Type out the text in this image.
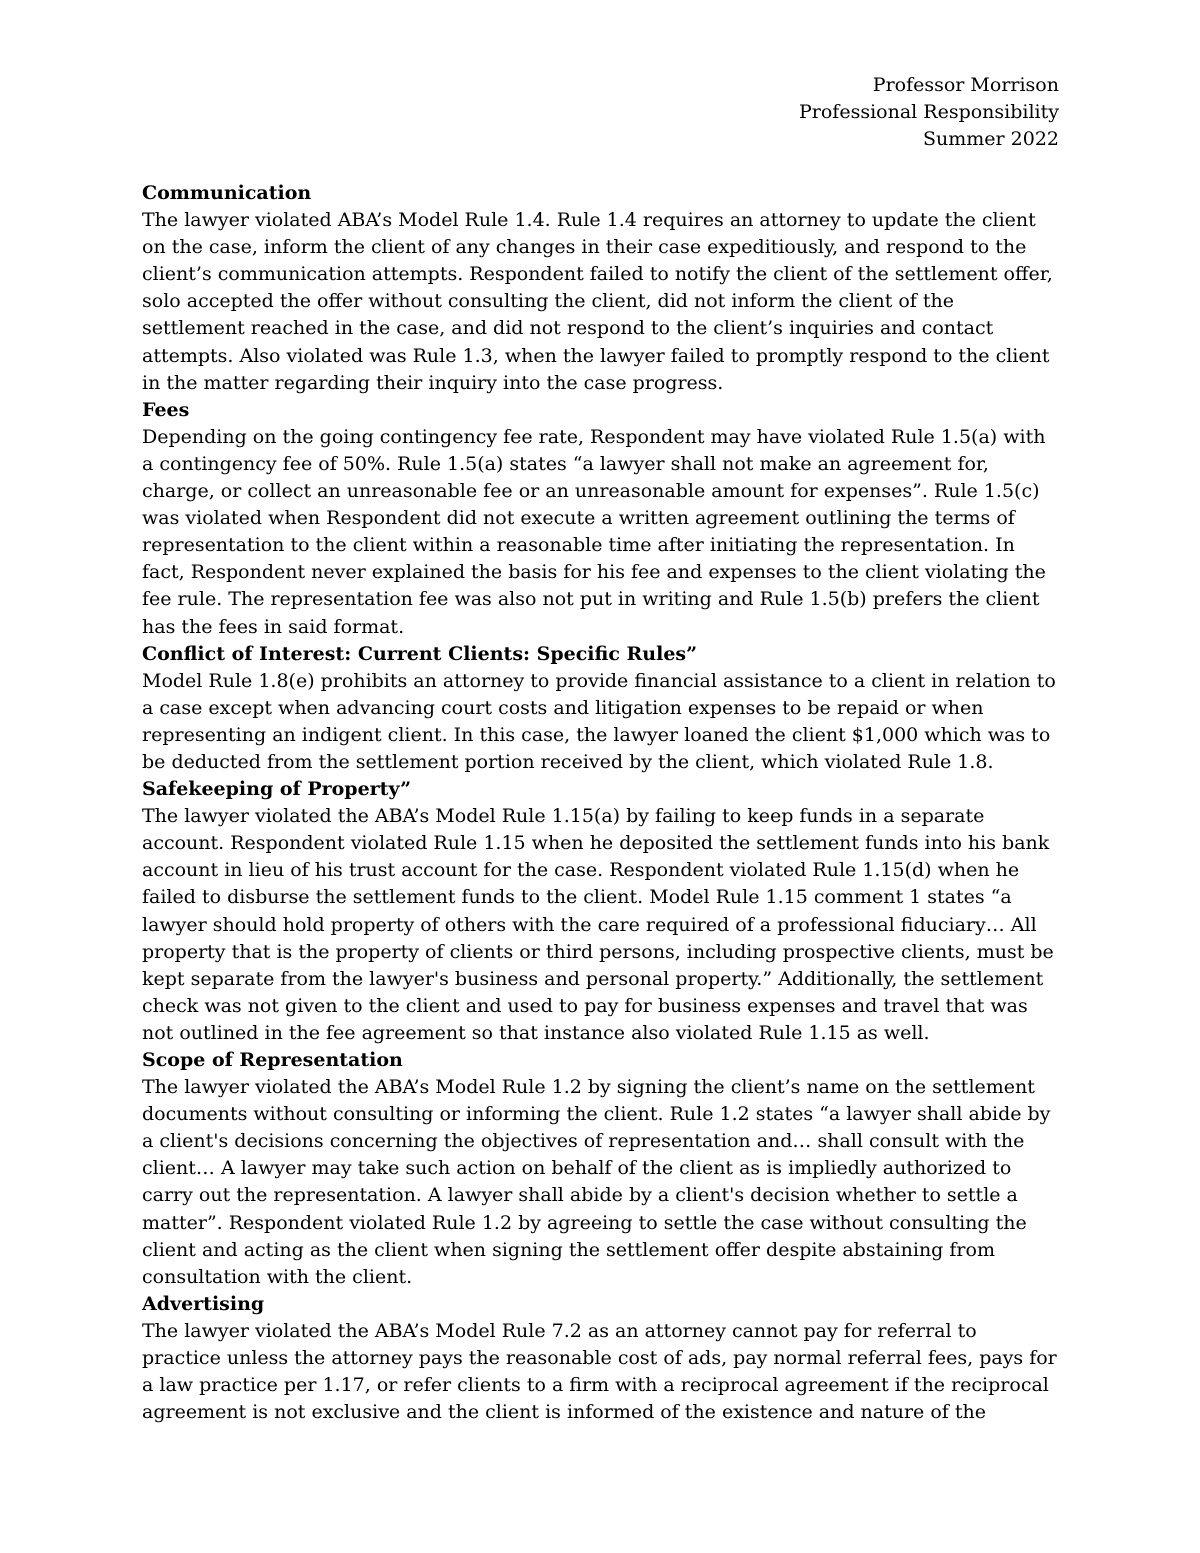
Professor Morrison
Professional Responsibility
Summer 2022

Communication

The lawyer violated ABA’s Model Rule 1.4. Rule 1.4 requires an attorney to update the client on the case, inform the client of any changes in their case expeditiously, and respond to the client’s communication attempts. Respondent failed to notify the client of the settlement offer, solo accepted the offer without consulting the client, did not inform the client of the settlement reached in the case, and did not respond to the client’s inquiries and contact attempts. Also violated was Rule 1.3, when the lawyer failed to promptly respond to the client in the matter regarding their inquiry into the case progress.

Fees

Depending on the going contingency fee rate, Respondent may have violated Rule 1.5(a) with a contingency fee of 50%. Rule 1.5(a) states “a lawyer shall not make an agreement for, charge, or collect an unreasonable fee or an unreasonable amount for expenses”. Rule 1.5(c) was violated when Respondent did not execute a written agreement outlining the terms of representation to the client within a reasonable time after initiating the representation. In fact, Respondent never explained the basis for his fee and expenses to the client violating the fee rule. The representation fee was also not put in writing and Rule 1.5(b) prefers the client has the fees in said format.

Conflict of Interest: Current Clients: Specific Rules”

Model Rule 1.8(e) prohibits an attorney to provide financial assistance to a client in relation to a case except when advancing court costs and litigation expenses to be repaid or when representing an indigent client. In this case, the lawyer loaned the client $1,000 which was to be deducted from the settlement portion received by the client, which violated Rule 1.8.

Safekeeping of Property”

The lawyer violated the ABA’s Model Rule 1.15(a) by failing to keep funds in a separate account. Respondent violated Rule 1.15 when he deposited the settlement funds into his bank account in lieu of his trust account for the case. Respondent violated Rule 1.15(d) when he failed to disburse the settlement funds to the client. Model Rule 1.15 comment 1 states “a lawyer should hold property of others with the care required of a professional fiduciary… All property that is the property of clients or third persons, including prospective clients, must be kept separate from the lawyer's business and personal property.” Additionally, the settlement check was not given to the client and used to pay for business expenses and travel that was not outlined in the fee agreement so that instance also violated Rule 1.15 as well.

Scope of Representation

The lawyer violated the ABA’s Model Rule 1.2 by signing the client’s name on the settlement documents without consulting or informing the client. Rule 1.2 states “a lawyer shall abide by a client's decisions concerning the objectives of representation and… shall consult with the client… A lawyer may take such action on behalf of the client as is impliedly authorized to carry out the representation. A lawyer shall abide by a client's decision whether to settle a matter”. Respondent violated Rule 1.2 by agreeing to settle the case without consulting the client and acting as the client when signing the settlement offer despite abstaining from consultation with the client.

Advertising

The lawyer violated the ABA’s Model Rule 7.2 as an attorney cannot pay for referral to practice unless the attorney pays the reasonable cost of ads, pay normal referral fees, pays for a law practice per 1.17, or refer clients to a firm with a reciprocal agreement if the reciprocal agreement is not exclusive and the client is informed of the existence and nature of the
